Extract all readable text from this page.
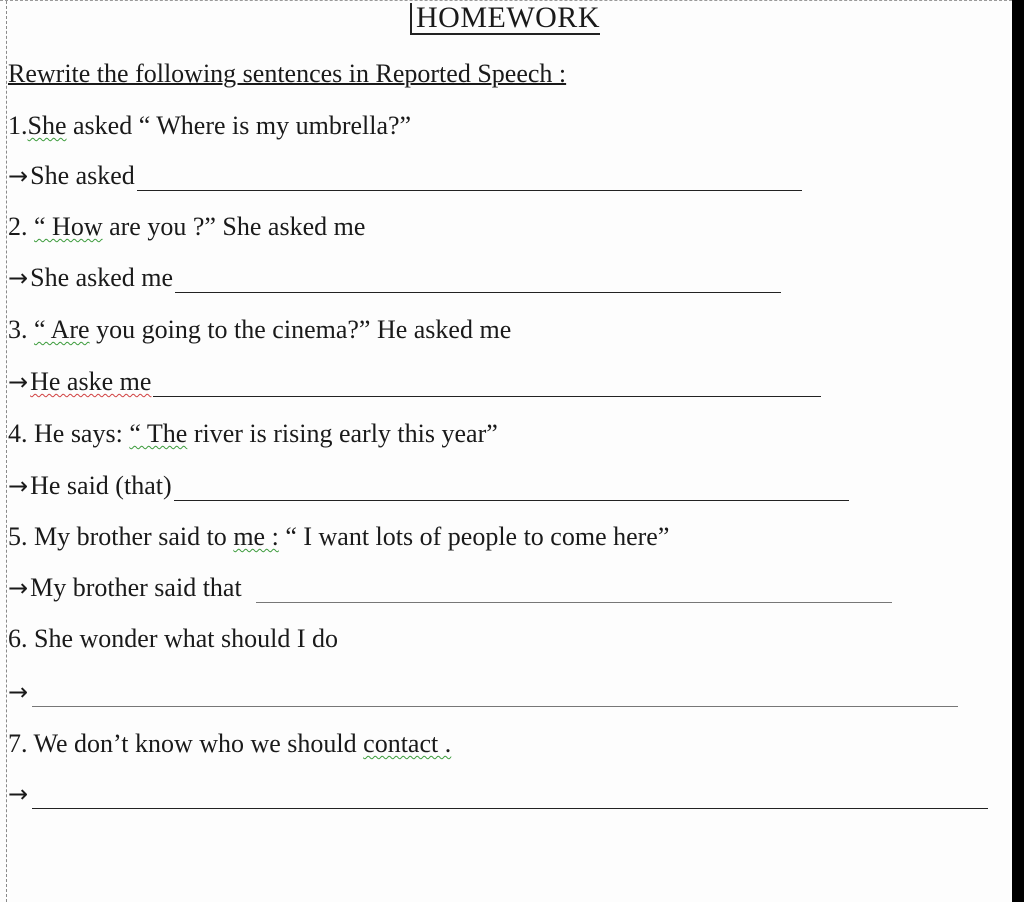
HOMEWORK
Rewrite the following sentences in Reported Speech :
1.She asked “ Where is my umbrella?”
→ She asked
2. “ How are you ?” She asked me
→ She asked me
3. “ Are you going to the cinema?” He asked me
→ He aske me
4. He says: “ The river is rising early this year”
→ He said (that)
5. My brother said to me : “ I want lots of people to come here”
→ My brother said that
6. She wonder what should I do
→
7. We don’t know who we should contact .
→
